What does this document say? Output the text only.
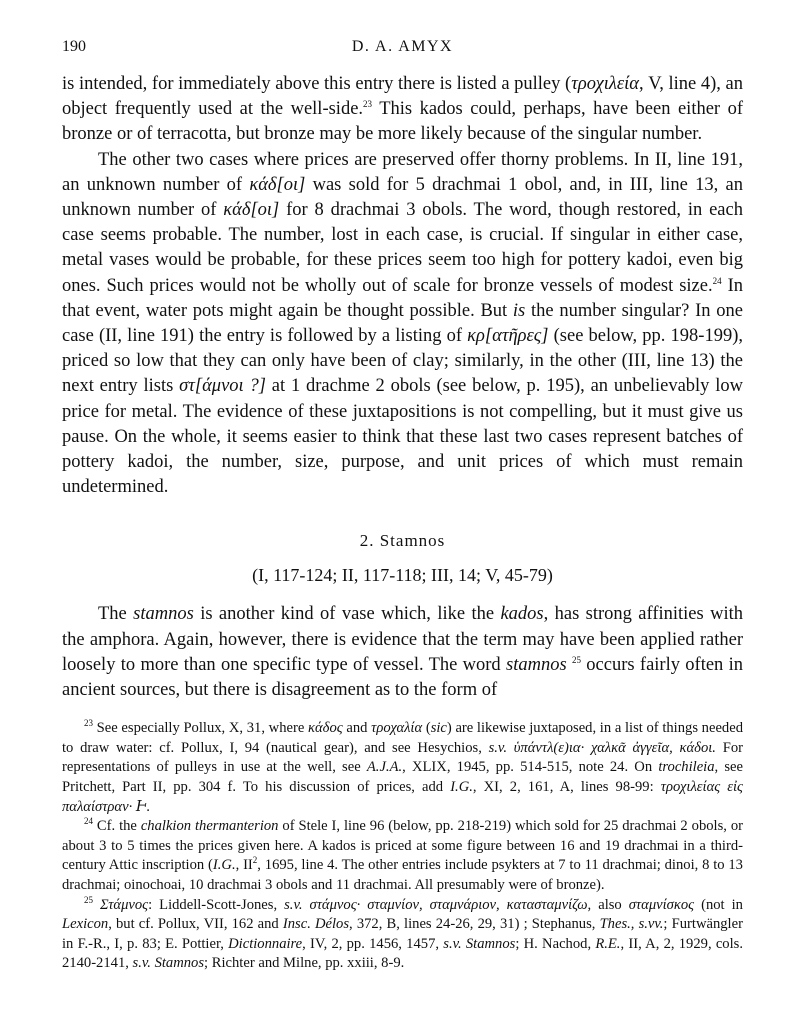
190	D. A. AMYX

is intended, for immediately above this entry there is listed a pulley (τροχιλεία, V, line 4), an object frequently used at the well-side.$^{23}$ This kados could, perhaps, have been either of bronze or of terracotta, but bronze may be more likely because of the singular number.

The other two cases where prices are preserved offer thorny problems. In II, line 191, an unknown number of κάδ[οι] was sold for 5 drachmai 1 obol, and, in III, line 13, an unknown number of κάδ[οι] for 8 drachmai 3 obols. The word, though restored, in each case seems probable. The number, lost in each case, is crucial. If singular in either case, metal vases would be probable, for these prices seem too high for pottery kadoi, even big ones. Such prices would not be wholly out of scale for bronze vessels of modest size.$^{24}$ In that event, water pots might again be thought possible. But is the number singular? In one case (II, line 191) the entry is followed by a listing of κρ[ατῆρες] (see below, pp. 198-199), priced so low that they can only have been of clay; similarly, in the other (III, line 13) the next entry lists στ[άμνοι ?] at 1 drachme 2 obols (see below, p. 195), an unbelievably low price for metal. The evidence of these juxtapositions is not compelling, but it must give us pause. On the whole, it seems easier to think that these last two cases represent batches of pottery kadoi, the number, size, purpose, and unit prices of which must remain undetermined.

2. Stamnos
(I, 117-124; II, 117-118; III, 14; V, 45-79)

The stamnos is another kind of vase which, like the kados, has strong affinities with the amphora. Again, however, there is evidence that the term may have been applied rather loosely to more than one specific type of vessel. The word stamnos $^{25}$ occurs fairly often in ancient sources, but there is disagreement as to the form of

$^{23}$ See especially Pollux, X, 31, where κάδος and τροχαλία (sic) are likewise juxtaposed, in a list of things needed to draw water: cf. Pollux, I, 94 (nautical gear), and see Hesychios, s.v. ὑπάντλ(ε)ια· χαλκᾶ ἀγγεῖα, κάδοι. For representations of pulleys in use at the well, see A.J.A., XLIX, 1945, pp. 514-515, note 24. On trochileia, see Pritchett, Part II, pp. 304 f. To his discussion of prices, add I.G., XI, 2, 161, A, lines 98-99: τροχιλείας εἰς παλαίστραν· Ͱ.

$^{24}$ Cf. the chalkion thermanterion of Stele I, line 96 (below, pp. 218-219) which sold for 25 drachmai 2 obols, or about 3 to 5 times the prices given here. A kados is priced at some figure between 16 and 19 drachmai in a third-century Attic inscription (I.G., $II^2$, 1695, line 4. The other entries include psykters at 7 to 11 drachmai; dinoi, 8 to 13 drachmai; oinochoai, 10 drachmai 3 obols and 11 drachmai. All presumably were of bronze).

$^{25}$ Στάμνος: Liddell-Scott-Jones, s.v. στάμνος· σταμνίον, σταμνάριον, κατασταμνίζω, also σταμνίσκος (not in Lexicon, but cf. Pollux, VII, 162 and Insc. Délos, 372, B, lines 24-26, 29, 31) ; Stephanus, Thes., s.vv.; Furtwängler in F.-R., I, p. 83; E. Pottier, Dictionnaire, IV, 2, pp. 1456, 1457, s.v. Stamnos; H. Nachod, R.E., II, A, 2, 1929, cols. 2140-2141, s.v. Stamnos; Richter and Milne, pp. xxiii, 8-9.
